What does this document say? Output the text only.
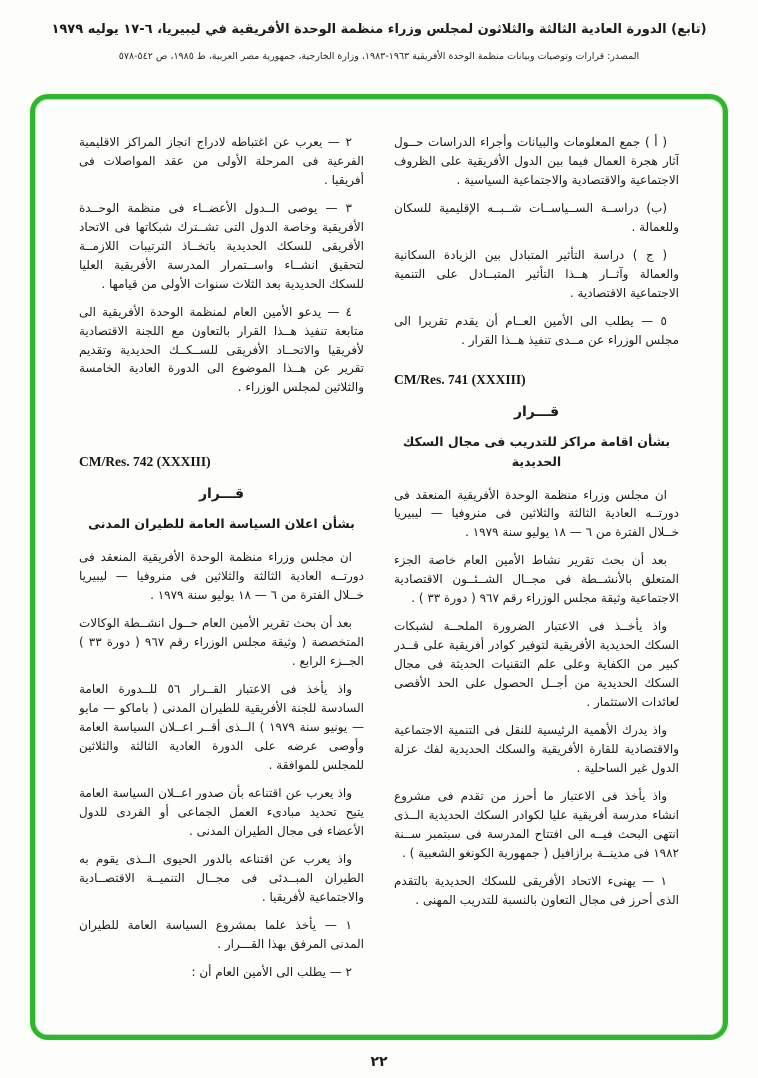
(تابع) الدورة العادية الثالثة والثلاثون لمجلس وزراء منظمة الوحدة الأفريقية في ليبيريا، ٦-١٧ يوليه ١٩٧٩
المصدر: قرارات وتوصيات وبيانات منظمة الوحدة الأفريقية ١٩٦٣-١٩٨٣، وزارة الخارجية، جمهورية مصر العربية، ط ١٩٨٥، ص ٥٤٢-٥٧٨

( أ ) جمع المعلومات والبيانات وأجراء الدراسات حــول آثار هجرة العمال فيما بين الدول الأفريقية على الظروف الاجتماعية والاقتصادية والاجتماعية السياسية .

(ب) دراســة الســياســات شــبــه الإقليمية للسكان وللعمالة .

( ج ) دراسة التأثير المتبادل بين الزيادة السكانية والعمالة وآثــار هــذا التأثير المتبــادل على التنمية الاجتماعية الاقتصادية .

٥ — يطلب الى الأمين العــام أن يقدم تقريرا الى مجلس الوزراء عن مــدى تنفيذ هــذا القرار .

CM/Res. 741 (XXXIII)
قـــرار
بشأن اقامة مراكز للتدريب فى مجال السكك الحديدية

ان مجلس وزراء منظمة الوحدة الأفريقية المنعقد فى دورتــه العادية الثالثة والثلاثين فى منروفيا — ليبيريا خــلال الفترة من ٦ — ١٨ يوليو سنة ١٩٧٩ .

بعد أن بحث تقرير نشاط الأمين العام خاصة الجزء المتعلق بالأنشــطة فى مجــال الشــئــون الاقتصادية الاجتماعية وثيقة مجلس الوزراء رقم ٩٦٧ ( دورة ٣٣ ) .

واذ يأخــذ فى الاعتبار الضرورة الملحــة لشبكات السكك الحديدية الأفريقية لتوفير كوادر أفريقية على قــدر كبير من الكفاية وعلى علم التقنيات الحديثة فى مجال السكك الحديدية من أجــل الحصول على الحد الأقصى لعائدات الاستثمار .

واذ يدرك الأهمية الرئيسية للنقل فى التنمية الاجتماعية والاقتصادية للقارة الأفريقية والسكك الحديدية لفك عزلة الدول غير الساحلية .

واذ يأخذ فى الاعتبار ما أحرز من تقدم فى مشروع انشاء مدرسة أفريقية عليا لكوادر السكك الحديدية الــذى انتهى البحث فيــه الى افتتاح المدرسة فى سبتمبر ســنة ١٩٨٢ فى مدينــة برازافيل ( جمهورية الكونغو الشعبية ) .

١ — يهنىء الاتحاد الأفريقى للسكك الحديدية بالتقدم الذى أحرز فى مجال التعاون بالنسبة للتدريب المهنى .

٢ — يعرب عن اغتباطه لادراج انجاز المراكز الاقليمية الفرعية فى المرحلة الأولى من عقد المواصلات فى أفريقيا .

٣ — يوصى الــدول الأعضــاء فى منظمة الوحــدة الأفريقية وخاصة الدول التى تشــترك شبكاتها فى الاتحاد الأفريقى للسكك الحديدية باتخــاذ الترتيبات اللازمــة لتحقيق انشــاء واســتمرار المدرسة الأفريقية العليا للسكك الحديدية بعد الثلاث سنوات الأولى من قيامها .

٤ — يدعو الأمين العام لمنظمة الوحدة الأفريقية الى متابعة تنفيذ هــذا القرار بالتعاون مع اللجنة الاقتصادية لأفريقيا والاتحــاد الأفريقى للســكــك الحديدية وتقديم تقرير عن هــذا الموضوع الى الدورة العادية الخامسة والثلاثين لمجلس الوزراء .

CM/Res. 742 (XXXIII)
قـــرار
بشأن اعلان السياسة العامة للطيران المدنى

ان مجلس وزراء منظمة الوحدة الأفريقية المنعقد فى دورتــه العادية الثالثة والثلاثين فى منروفيا — ليبيريا خــلال الفترة من ٦ — ١٨ يوليو سنة ١٩٧٩ .

بعد أن بحث تقرير الأمين العام حــول انشــطة الوكالات المتخصصة ( وثيقة مجلس الوزراء رقم ٩٦٧ ( دورة ٣٣ ) الجــزء الرابع .

واذ يأخذ فى الاعتبار القــرار ٥٦ للــدورة العامة السادسة للجنة الأفريقية للطيران المدنى ( باماكو — مايو — يونيو سنة ١٩٧٩ ) الــذى أقــر اعــلان السياسة العامة وأوصى عرضه على الدورة العادية الثالثة والثلاثين للمجلس للموافقة .

واذ يعرب عن اقتناعه بأن صدور اعــلان السياسة العامة يتيح تحديد مبادىء العمل الجماعى أو الفردى للدول الأعضاء فى مجال الطيران المدنى .

واذ يعرب عن اقتناعه بالدور الحيوى الــذى يقوم به الطيران المبــدئى فى مجــال التنميــة الاقتصــادية والاجتماعية لأفريقيا .

١ — يأخذ علما بمشروع السياسة العامة للطيران المدنى المرفق بهذا القـــرار .

٢ — يطلب الى الأمين العام أن :

٢٢
